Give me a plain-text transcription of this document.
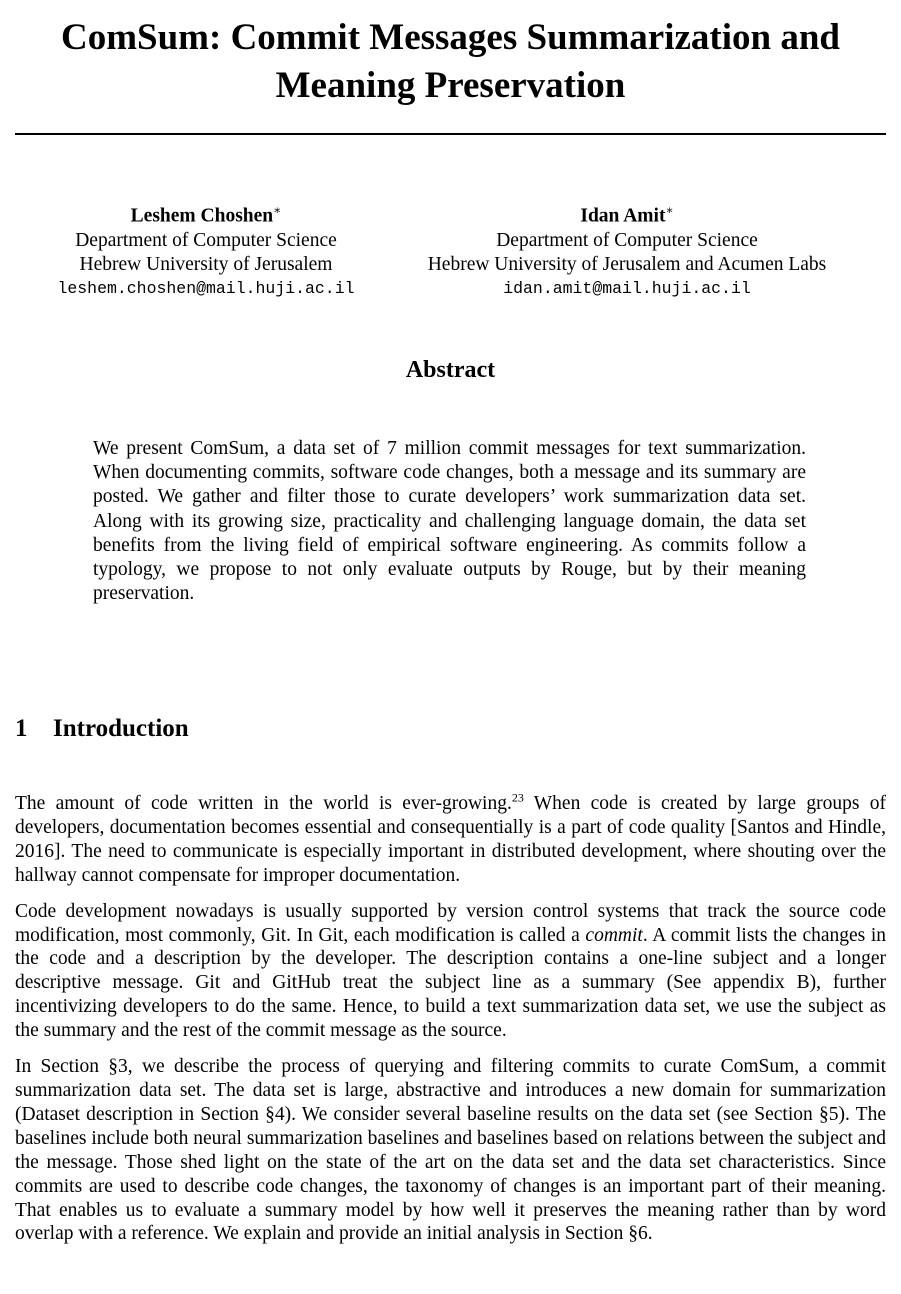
ComSum: Commit Messages Summarization and
Meaning Preservation
Leshem Choshen∗
Department of Computer Science
Hebrew University of Jerusalem
leshem.choshen@mail.huji.ac.il
Idan Amit∗
Department of Computer Science
Hebrew University of Jerusalem and Acumen Labs
idan.amit@mail.huji.ac.il
Abstract

We present ComSum, a data set of 7 million commit messages for text summarization. When documenting commits, software code changes, both a message and its summary are posted. We gather and filter those to curate developers’ work summarization data set. Along with its growing size, practicality and challenging language domain, the data set benefits from the living field of empirical software engineering. As commits follow a typology, we propose to not only evaluate outputs by Rouge, but by their meaning preservation.

1 Introduction

The amount of code written in the world is ever-growing.$^{23}$ When code is created by large groups of developers, documentation becomes essential and consequentially is a part of code quality [Santos and Hindle, 2016]. The need to communicate is especially important in distributed development, where shouting over the hallway cannot compensate for improper documentation.

Code development nowadays is usually supported by version control systems that track the source code modification, most commonly, Git. In Git, each modification is called a commit. A commit lists the changes in the code and a description by the developer. The description contains a one-line subject and a longer descriptive message. Git and GitHub treat the subject line as a summary (See appendix B), further incentivizing developers to do the same. Hence, to build a text summarization data set, we use the subject as the summary and the rest of the commit message as the source.

In Section §3, we describe the process of querying and filtering commits to curate ComSum, a commit summarization data set. The data set is large, abstractive and introduces a new domain for summarization (Dataset description in Section §4). We consider several baseline results on the data set (see Section §5). The baselines include both neural summarization baselines and baselines based on relations between the subject and the message. Those shed light on the state of the art on the data set and the data set characteristics. Since commits are used to describe code changes, the taxonomy of changes is an important part of their meaning. That enables us to evaluate a summary model by how well it preserves the meaning rather than by word overlap with a reference. We explain and provide an initial analysis in Section §6.
